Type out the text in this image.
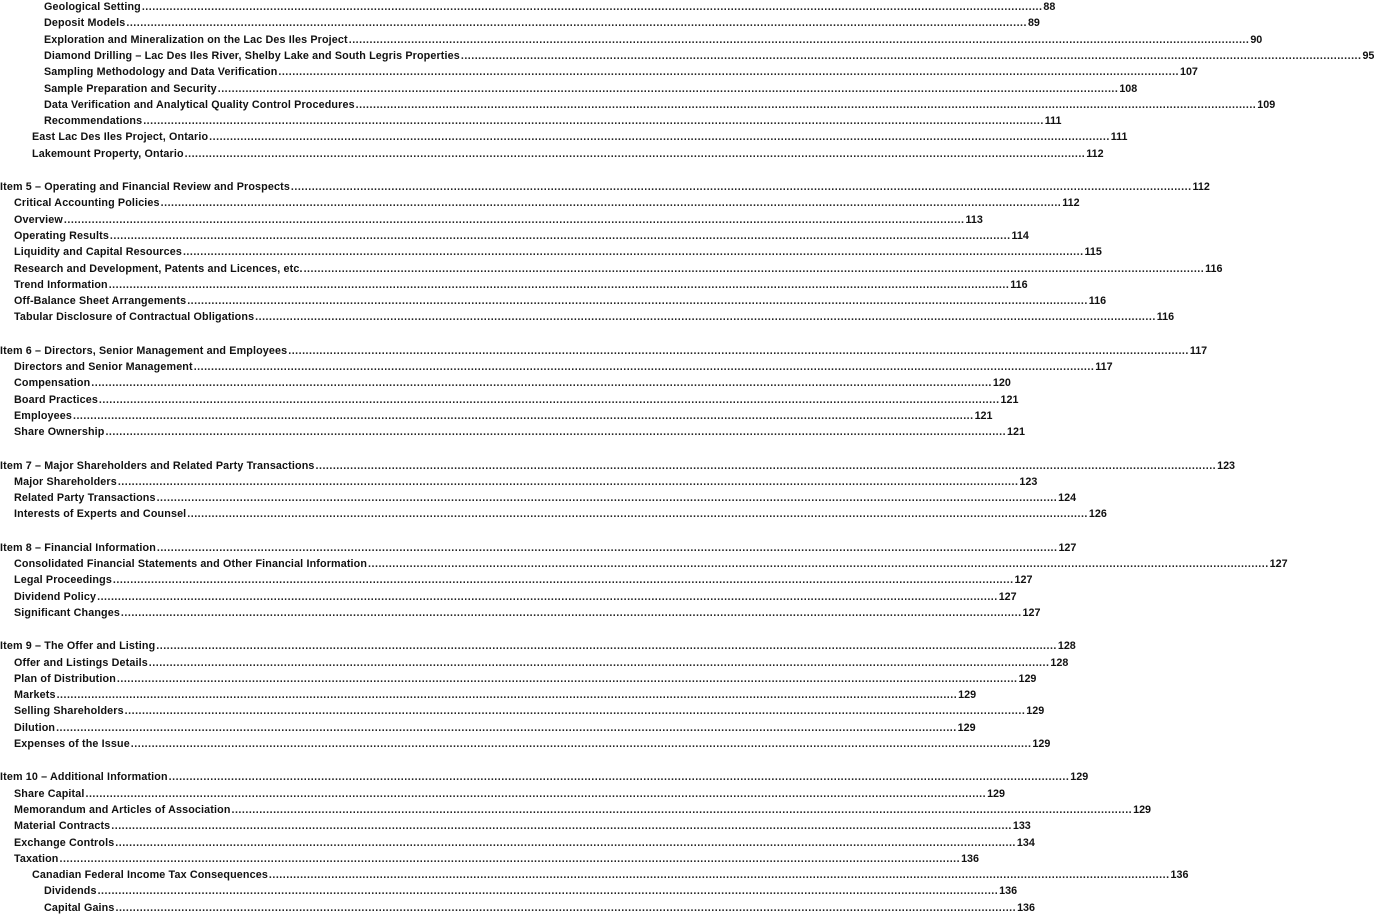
Geological Setting .................................................................................................................................................................................................................................................................... 88
Deposit Models .................................................................................................................................................................................................................................................................... 89
Exploration and Mineralization on the Lac Des Iles Project .................................................................................................................................................................................................................................................................... 90
Diamond Drilling – Lac Des Iles River, Shelby Lake and South Legris Properties .................................................................................................................................................................................................................................................................... 95
Sampling Methodology and Data Verification .................................................................................................................................................................................................................................................................... 107
Sample Preparation and Security .................................................................................................................................................................................................................................................................... 108
Data Verification and Analytical Quality Control Procedures .................................................................................................................................................................................................................................................................... 109
Recommendations .................................................................................................................................................................................................................................................................... 111
East Lac Des Iles Project, Ontario .................................................................................................................................................................................................................................................................... 111
Lakemount Property, Ontario .................................................................................................................................................................................................................................................................... 112
Item 5 – Operating and Financial Review and Prospects .................................................................................................................................................................................................................................................................... 112
Critical Accounting Policies .................................................................................................................................................................................................................................................................... 112
Overview .................................................................................................................................................................................................................................................................... 113
Operating Results .................................................................................................................................................................................................................................................................... 114
Liquidity and Capital Resources .................................................................................................................................................................................................................................................................... 115
Research and Development, Patents and Licences, etc. .................................................................................................................................................................................................................................................................... 116
Trend Information .................................................................................................................................................................................................................................................................... 116
Off-Balance Sheet Arrangements .................................................................................................................................................................................................................................................................... 116
Tabular Disclosure of Contractual Obligations .................................................................................................................................................................................................................................................................... 116
Item 6 – Directors, Senior Management and Employees .................................................................................................................................................................................................................................................................... 117
Directors and Senior Management .................................................................................................................................................................................................................................................................... 117
Compensation .................................................................................................................................................................................................................................................................... 120
Board Practices .................................................................................................................................................................................................................................................................... 121
Employees .................................................................................................................................................................................................................................................................... 121
Share Ownership .................................................................................................................................................................................................................................................................... 121
Item 7 – Major Shareholders and Related Party Transactions .................................................................................................................................................................................................................................................................... 123
Major Shareholders .................................................................................................................................................................................................................................................................... 123
Related Party Transactions .................................................................................................................................................................................................................................................................... 124
Interests of Experts and Counsel .................................................................................................................................................................................................................................................................... 126
Item 8 – Financial Information .................................................................................................................................................................................................................................................................... 127
Consolidated Financial Statements and Other Financial Information .................................................................................................................................................................................................................................................................... 127
Legal Proceedings .................................................................................................................................................................................................................................................................... 127
Dividend Policy .................................................................................................................................................................................................................................................................... 127
Significant Changes .................................................................................................................................................................................................................................................................... 127
Item 9 – The Offer and Listing .................................................................................................................................................................................................................................................................... 128
Offer and Listings Details .................................................................................................................................................................................................................................................................... 128
Plan of Distribution .................................................................................................................................................................................................................................................................... 129
Markets .................................................................................................................................................................................................................................................................... 129
Selling Shareholders .................................................................................................................................................................................................................................................................... 129
Dilution .................................................................................................................................................................................................................................................................... 129
Expenses of the Issue .................................................................................................................................................................................................................................................................... 129
Item 10 – Additional Information .................................................................................................................................................................................................................................................................... 129
Share Capital .................................................................................................................................................................................................................................................................... 129
Memorandum and Articles of Association .................................................................................................................................................................................................................................................................... 129
Material Contracts .................................................................................................................................................................................................................................................................... 133
Exchange Controls .................................................................................................................................................................................................................................................................... 134
Taxation .................................................................................................................................................................................................................................................................... 136
Canadian Federal Income Tax Consequences .................................................................................................................................................................................................................................................................... 136
Dividends .................................................................................................................................................................................................................................................................... 136
Capital Gains .................................................................................................................................................................................................................................................................... 136
